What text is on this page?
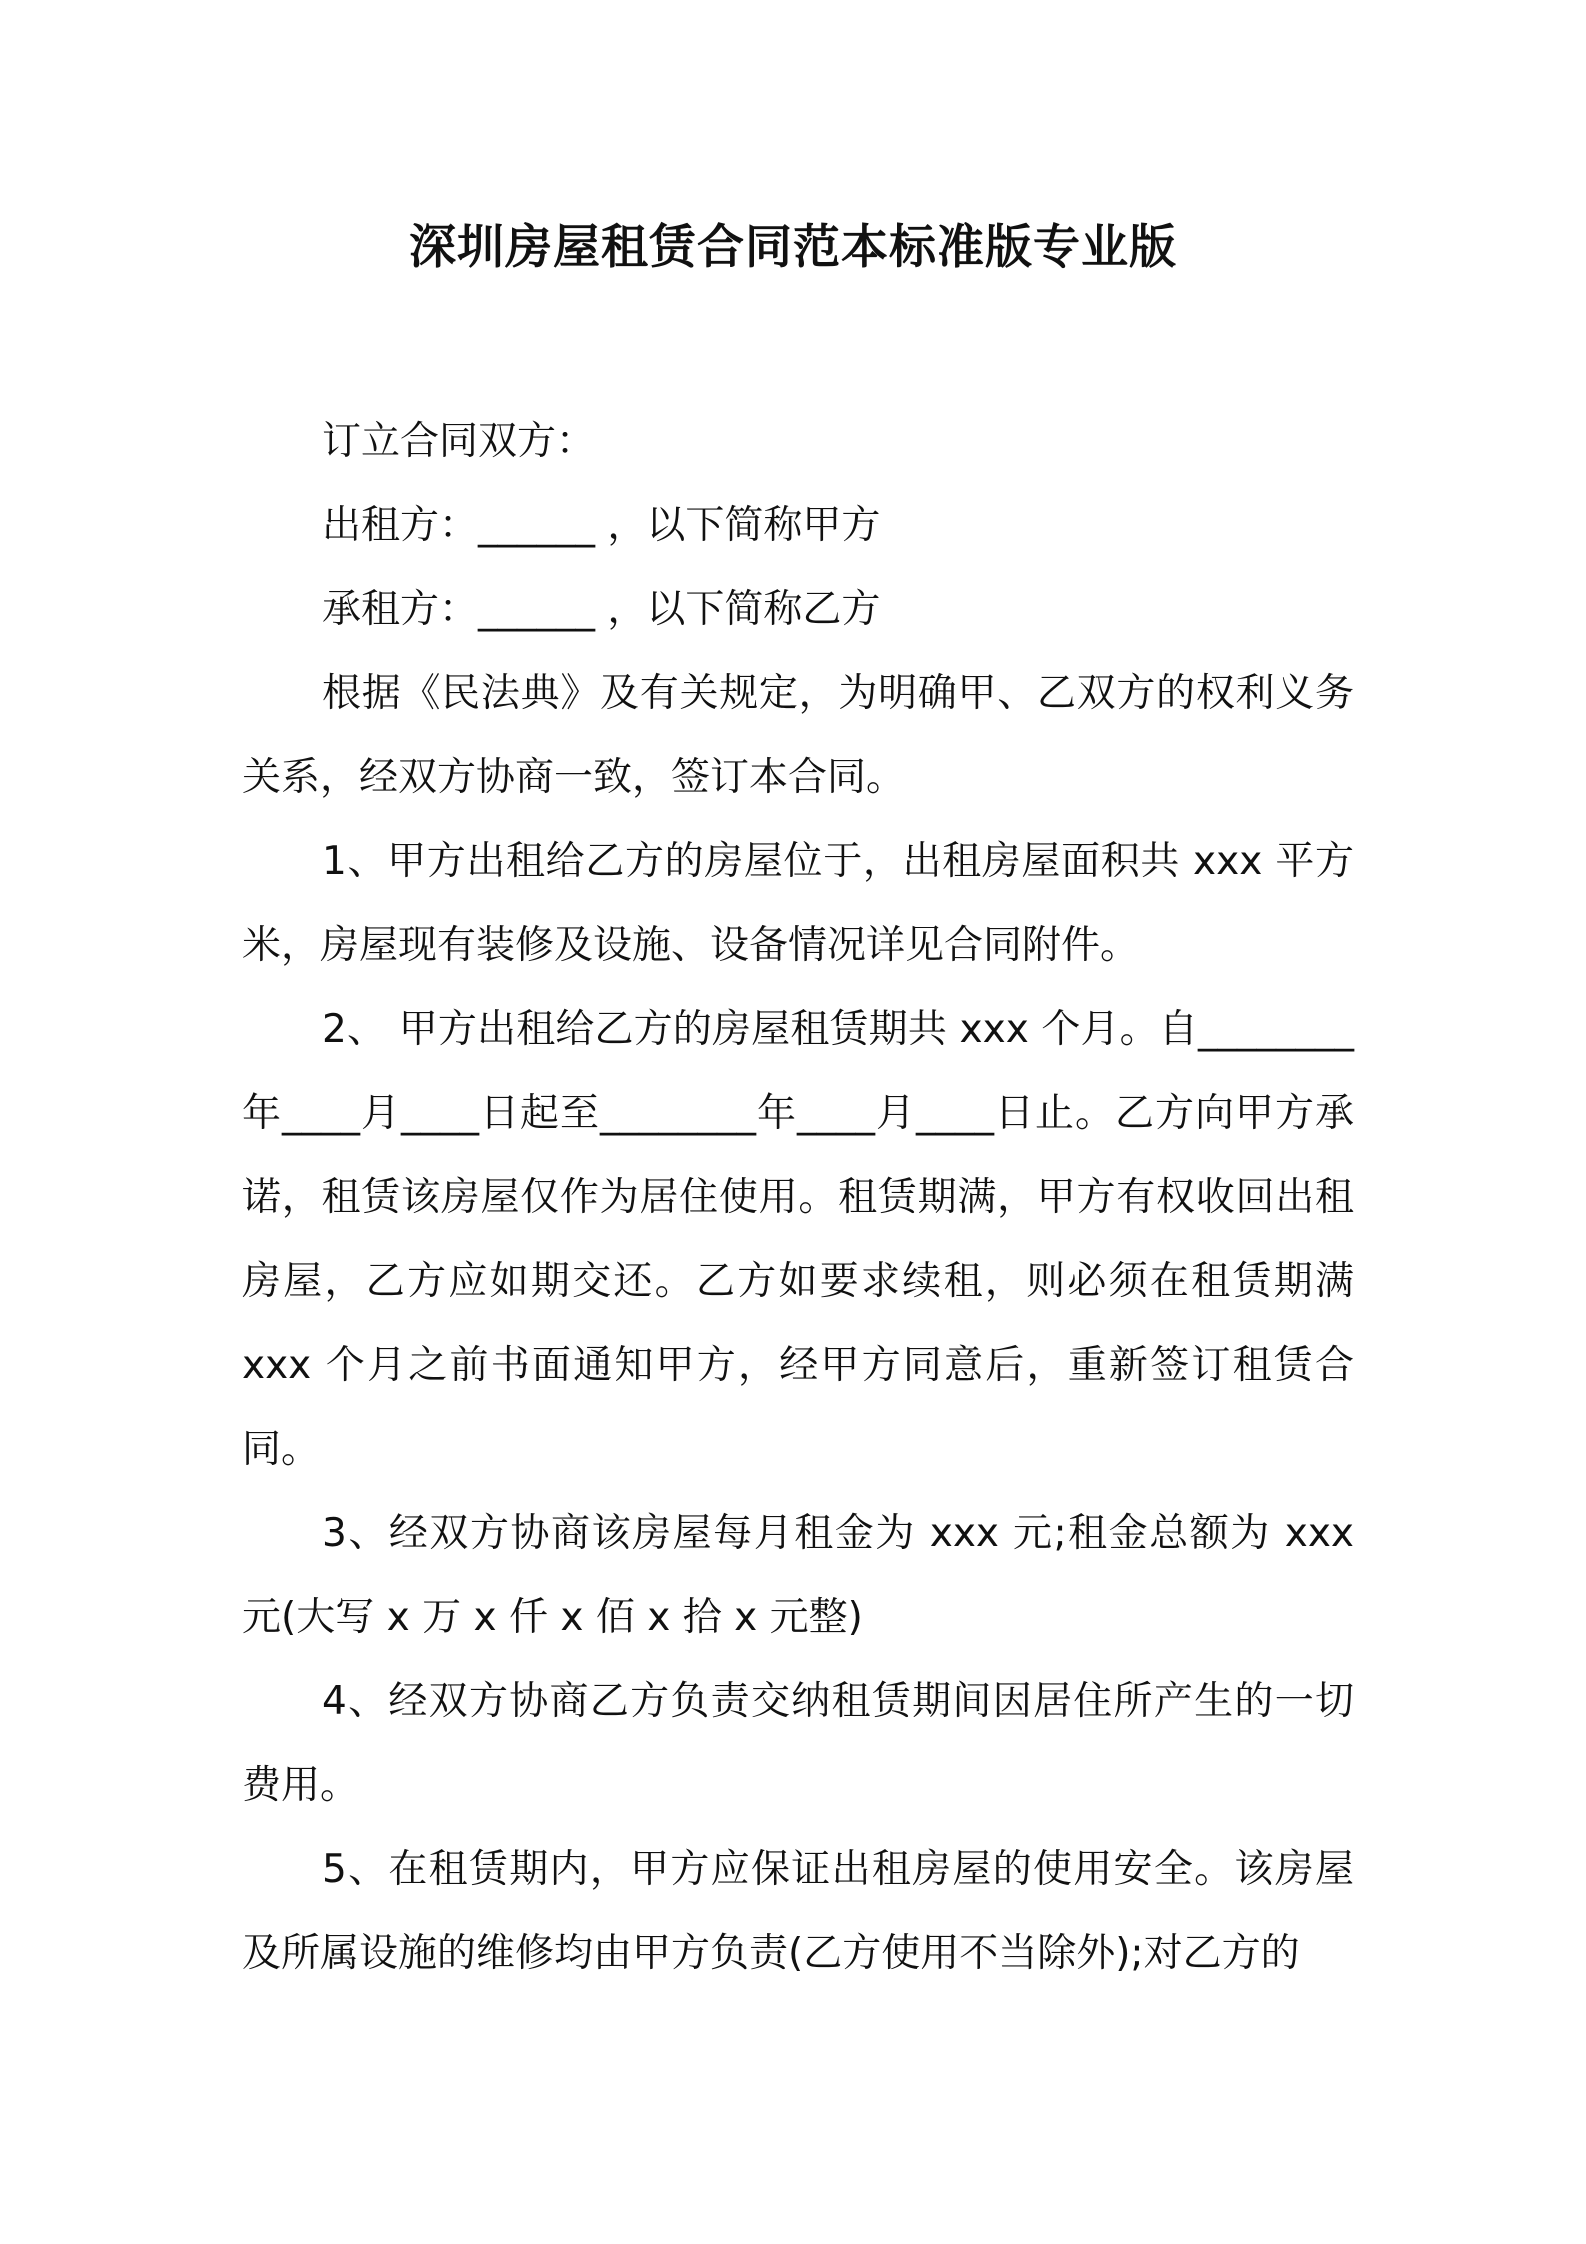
深圳房屋租赁合同范本标准版专业版

订立合同双方：

出租方：______ ，以下简称甲方

承租方：______ ，以下简称乙方

根据《民法典》及有关规定，为明确甲、乙双方的权利义务关系，经双方协商一致，签订本合同。

1、甲方出租给乙方的房屋位于，出租房屋面积共 xxx 平方米，房屋现有装修及设施、设备情况详见合同附件。

2、 甲方出租给乙方的房屋租赁期共 xxx 个月。自________年____月____日起至________年____月____日止。乙方向甲方承诺，租赁该房屋仅作为居住使用。租赁期满，甲方有权收回出租房屋，乙方应如期交还。乙方如要求续租，则必须在租赁期满 xxx 个月之前书面通知甲方，经甲方同意后，重新签订租赁合同。

3、经双方协商该房屋每月租金为 xxx 元;租金总额为 xxx 元(大写 x 万 x 仟 x 佰 x 拾 x 元整)

4、经双方协商乙方负责交纳租赁期间因居住所产生的一切费用。

5、在租赁期内，甲方应保证出租房屋的使用安全。该房屋及所属设施的维修均由甲方负责(乙方使用不当除外);对乙方的
